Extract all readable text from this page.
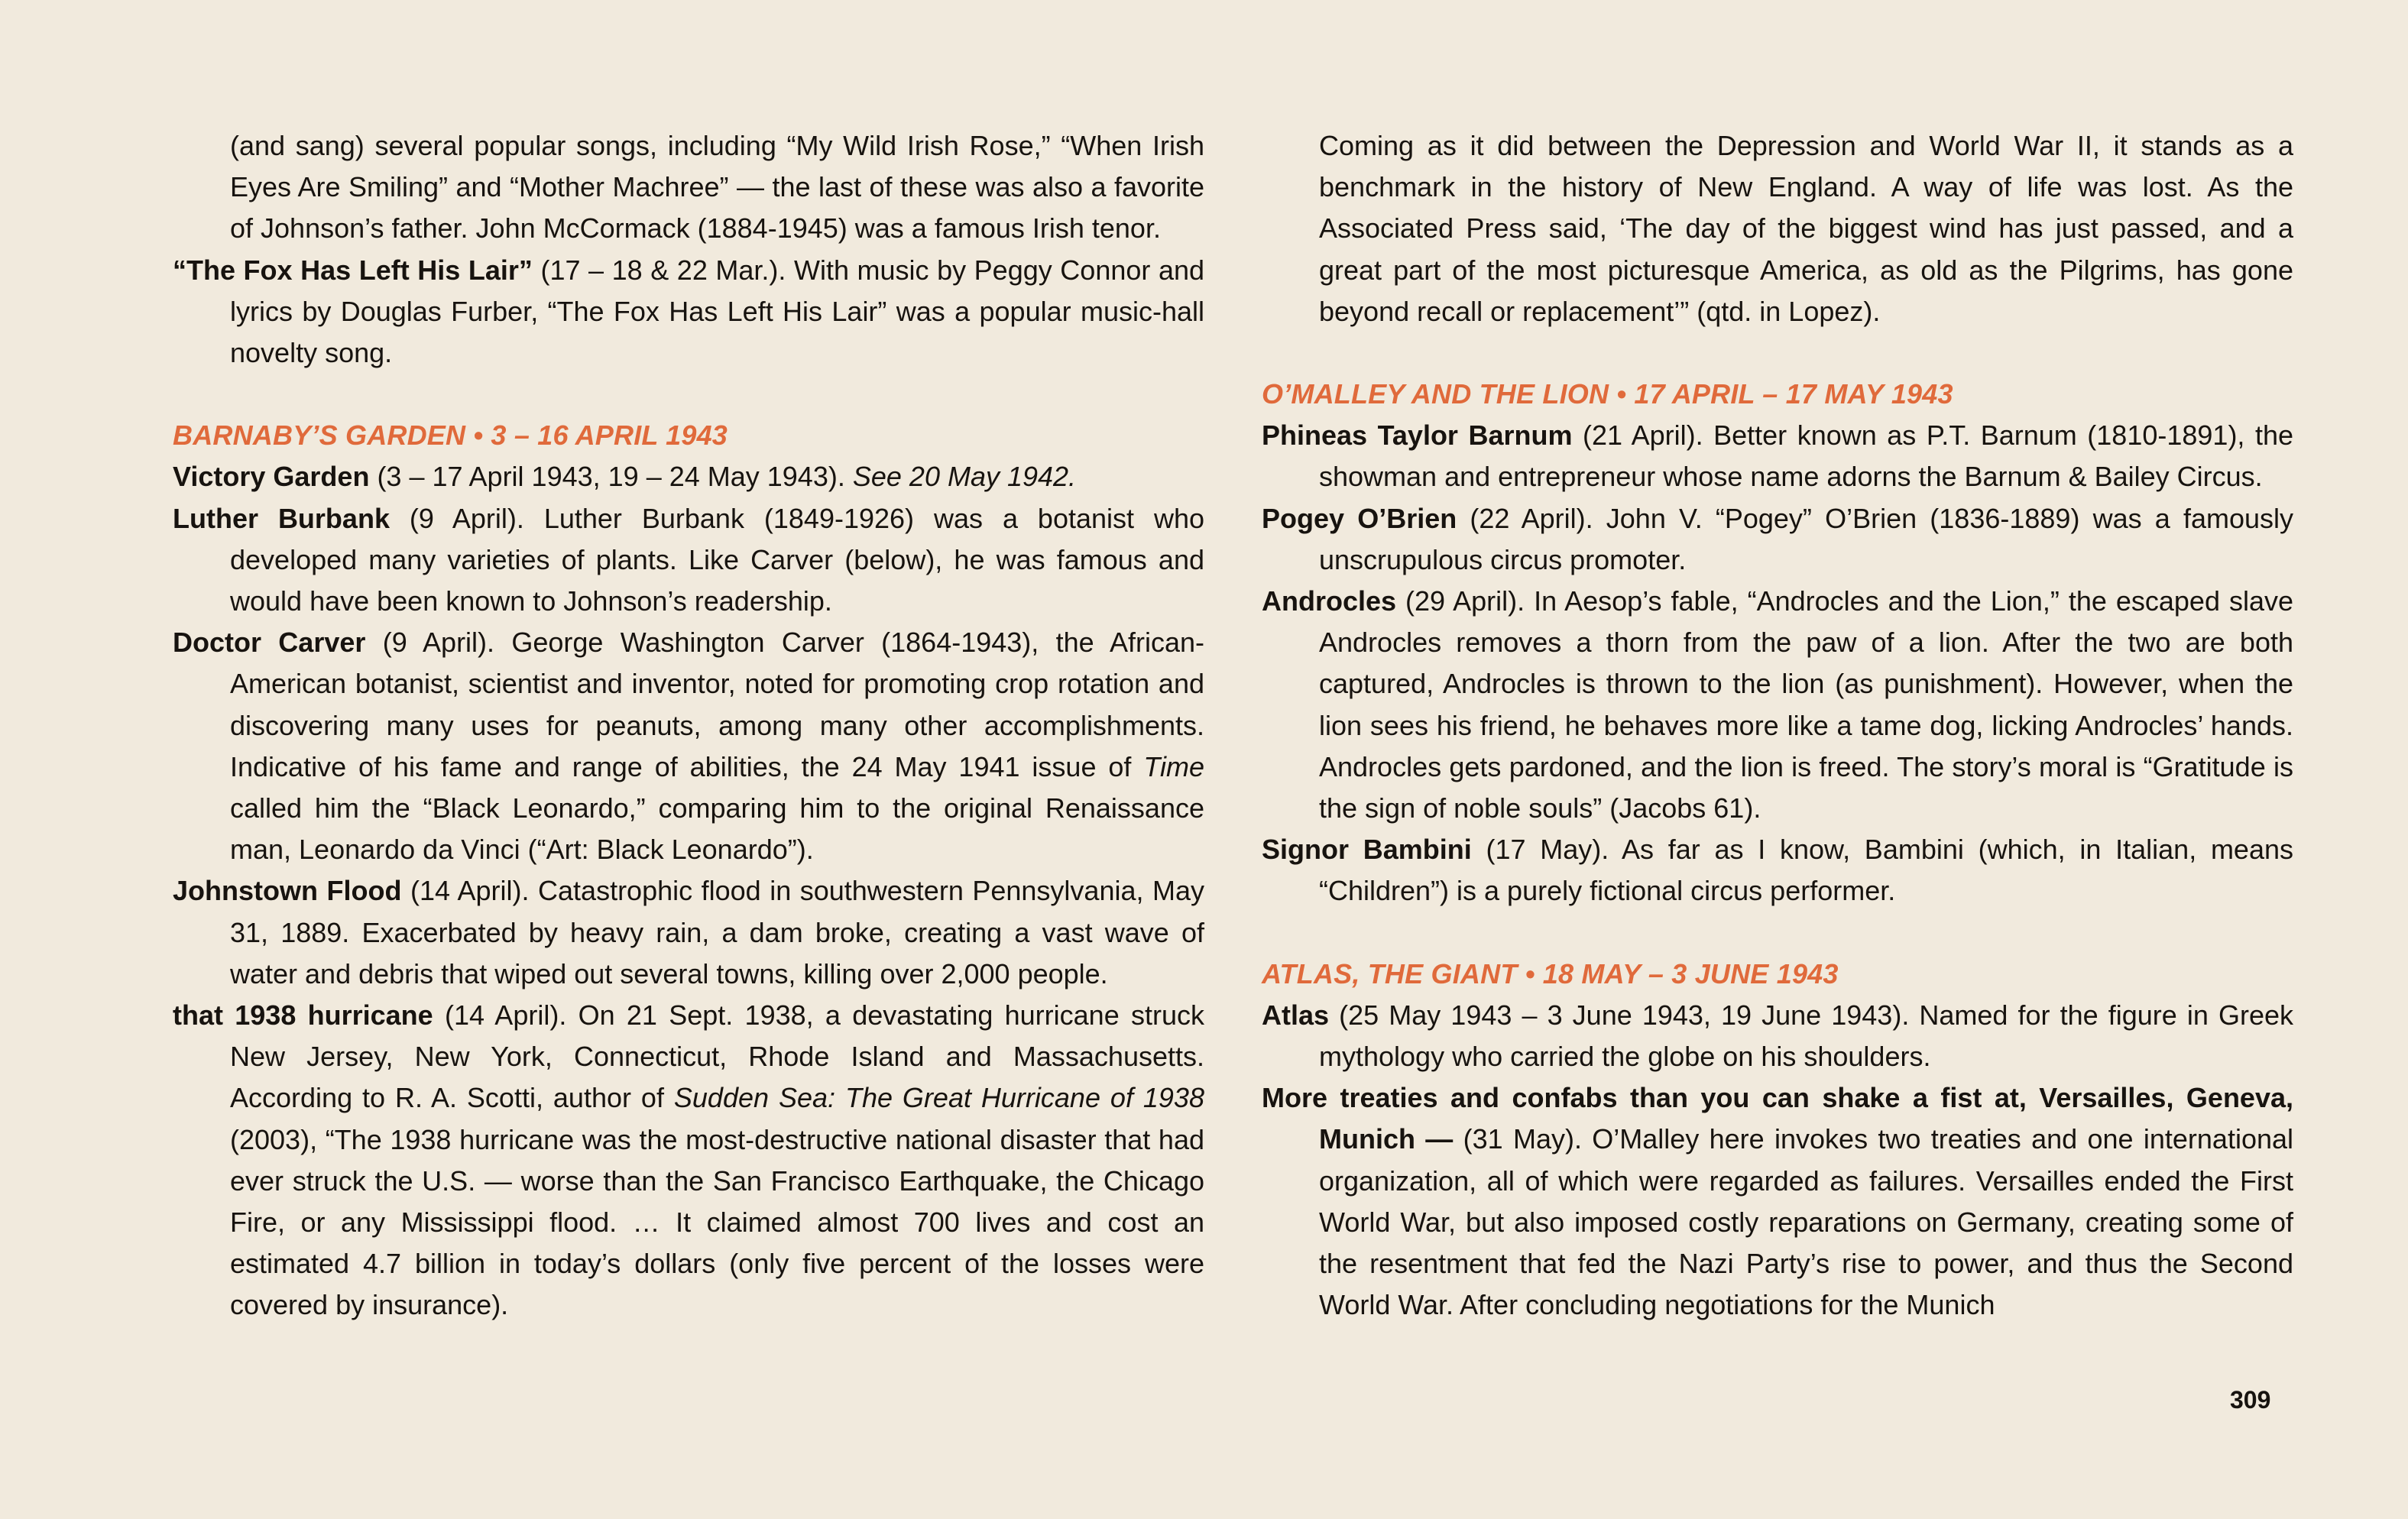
(and sang) several popular songs, including “My Wild Irish Rose,” “When Irish Eyes Are Smiling” and “Mother Machree” — the last of these was also a favorite of Johnson’s father. John McCormack (1884-1945) was a famous Irish tenor.

“The Fox Has Left His Lair” (17 – 18 & 22 Mar.). With music by Peggy Connor and lyrics by Douglas Furber, “The Fox Has Left His Lair” was a popular music-hall novelty song.

BARNABY’S GARDEN • 3 – 16 APRIL 1943

Victory Garden (3 – 17 April 1943, 19 – 24 May 1943). See 20 May 1942.

Luther Burbank (9 April). Luther Burbank (1849-1926) was a botanist who developed many varieties of plants. Like Carver (below), he was famous and would have been known to Johnson’s readership.

Doctor Carver (9 April). George Washington Carver (1864-1943), the African-American botanist, scientist and inventor, noted for promoting crop rotation and discovering many uses for peanuts, among many other accomplishments. Indicative of his fame and range of abilities, the 24 May 1941 issue of Time called him the “Black Leonardo,” comparing him to the original Renaissance man, Leonardo da Vinci (“Art: Black Leonardo”).

Johnstown Flood (14 April). Catastrophic flood in southwestern Pennsylvania, May 31, 1889. Exacerbated by heavy rain, a dam broke, creating a vast wave of water and debris that wiped out several towns, killing over 2,000 people.

that 1938 hurricane (14 April). On 21 Sept. 1938, a devastating hurricane struck New Jersey, New York, Connecticut, Rhode Island and Massachusetts. According to R. A. Scotti, author of Sudden Sea: The Great Hurricane of 1938 (2003), “The 1938 hurricane was the most-destructive national disaster that had ever struck the U.S. — worse than the San Francisco Earthquake, the Chicago Fire, or any Mississippi flood. … It claimed almost 700 lives and cost an estimated 4.7 billion in today’s dollars (only five percent of the losses were covered by insurance).

Coming as it did between the Depression and World War II, it stands as a benchmark in the history of New England. A way of life was lost. As the Associated Press said, ‘The day of the biggest wind has just passed, and a great part of the most picturesque America, as old as the Pilgrims, has gone beyond recall or replacement’” (qtd. in Lopez).

O’MALLEY AND THE LION • 17 APRIL – 17 MAY 1943

Phineas Taylor Barnum (21 April). Better known as P.T. Barnum (1810-1891), the showman and entrepreneur whose name adorns the Barnum & Bailey Circus.

Pogey O’Brien (22 April). John V. “Pogey” O’Brien (1836-1889) was a famously unscrupulous circus promoter.

Androcles (29 April). In Aesop’s fable, “Androcles and the Lion,” the escaped slave Androcles removes a thorn from the paw of a lion. After the two are both captured, Androcles is thrown to the lion (as punishment). However, when the lion sees his friend, he behaves more like a tame dog, licking Androcles’ hands. Androcles gets pardoned, and the lion is freed. The story’s moral is “Gratitude is the sign of noble souls” (Jacobs 61).

Signor Bambini (17 May). As far as I know, Bambini (which, in Italian, means “Children”) is a purely fictional circus performer.

ATLAS, THE GIANT • 18 MAY – 3 JUNE 1943

Atlas (25 May 1943 – 3 June 1943, 19 June 1943). Named for the figure in Greek mythology who carried the globe on his shoulders.

More treaties and confabs than you can shake a fist at, Versailles, Geneva, Munich — (31 May). O’Malley here invokes two treaties and one international organization, all of which were regarded as failures. Versailles ended the First World War, but also imposed costly reparations on Germany, creating some of the resentment that fed the Nazi Party’s rise to power, and thus the Second World War. After concluding negotiations for the Munich

309
